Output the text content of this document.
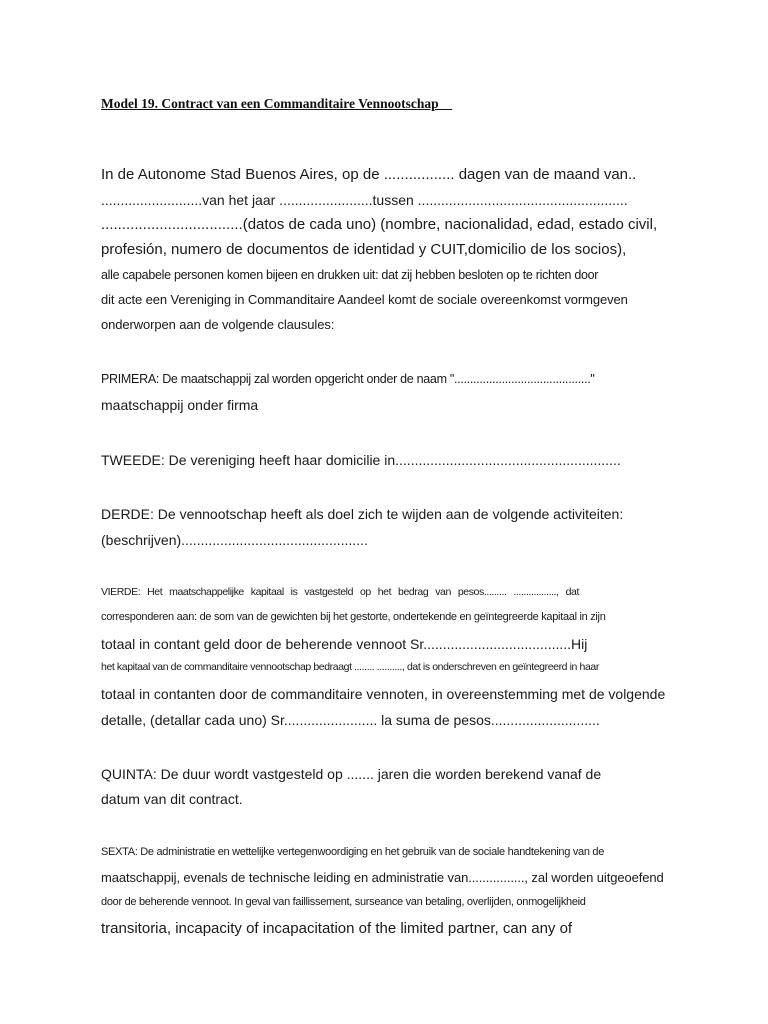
Model 19. Contract van een Commanditaire Vennootschap
In de Autonome Stad Buenos Aires, op de ................. dagen van de maand van..
..........................van het jaar ........................tussen ......................................................
..................................(datos de cada uno) (nombre, nacionalidad, edad, estado civil,
profesión, numero de documentos de identidad y CUIT,domicilio de los socios),
alle capabele personen komen bijeen en drukken uit: dat zij hebben besloten op te richten door
dit acte een Vereniging in Commanditaire Aandeel komt de sociale overeenkomst vormgeven
onderworpen aan de volgende clausules:
PRIMERA: De maatschappij zal worden opgericht onder de naam "..........................................."
maatschappij onder firma
TWEEDE: De vereniging heeft haar domicilie in..........................................................
DERDE: De vennootschap heeft als doel zich te wijden aan de volgende activiteiten:
(beschrijven)................................................
VIERDE:  Het  maatschappelijke  kapitaal  is  vastgesteld  op  het  bedrag  van  pesos.........  .................,  dat
corresponderen aan: de som van de gewichten bij het gestorte, ondertekende en geïntegreerde kapitaal in zijn
totaal in contant geld door de beherende vennoot Sr......................................Hij
het kapitaal van de commanditaire vennootschap bedraagt ........ .........., dat is onderschreven en geïntegreerd in haar
totaal in contanten door de commanditaire vennoten, in overeenstemming met de volgende
detalle, (detallar cada uno) Sr........................ la suma de pesos............................
QUINTA: De duur wordt vastgesteld op ....... jaren die worden berekend vanaf de
datum van dit contract.
SEXTA: De administratie en wettelijke vertegenwoordiging en het gebruik van de sociale handtekening van de
maatschappij, evenals de technische leiding en administratie van................, zal worden uitgeoefend
door de beherende vennoot. In geval van faillissement, surseance van betaling, overlijden, onmogelijkheid
transitoria, incapacity of incapacitation of the limited partner, can any of
